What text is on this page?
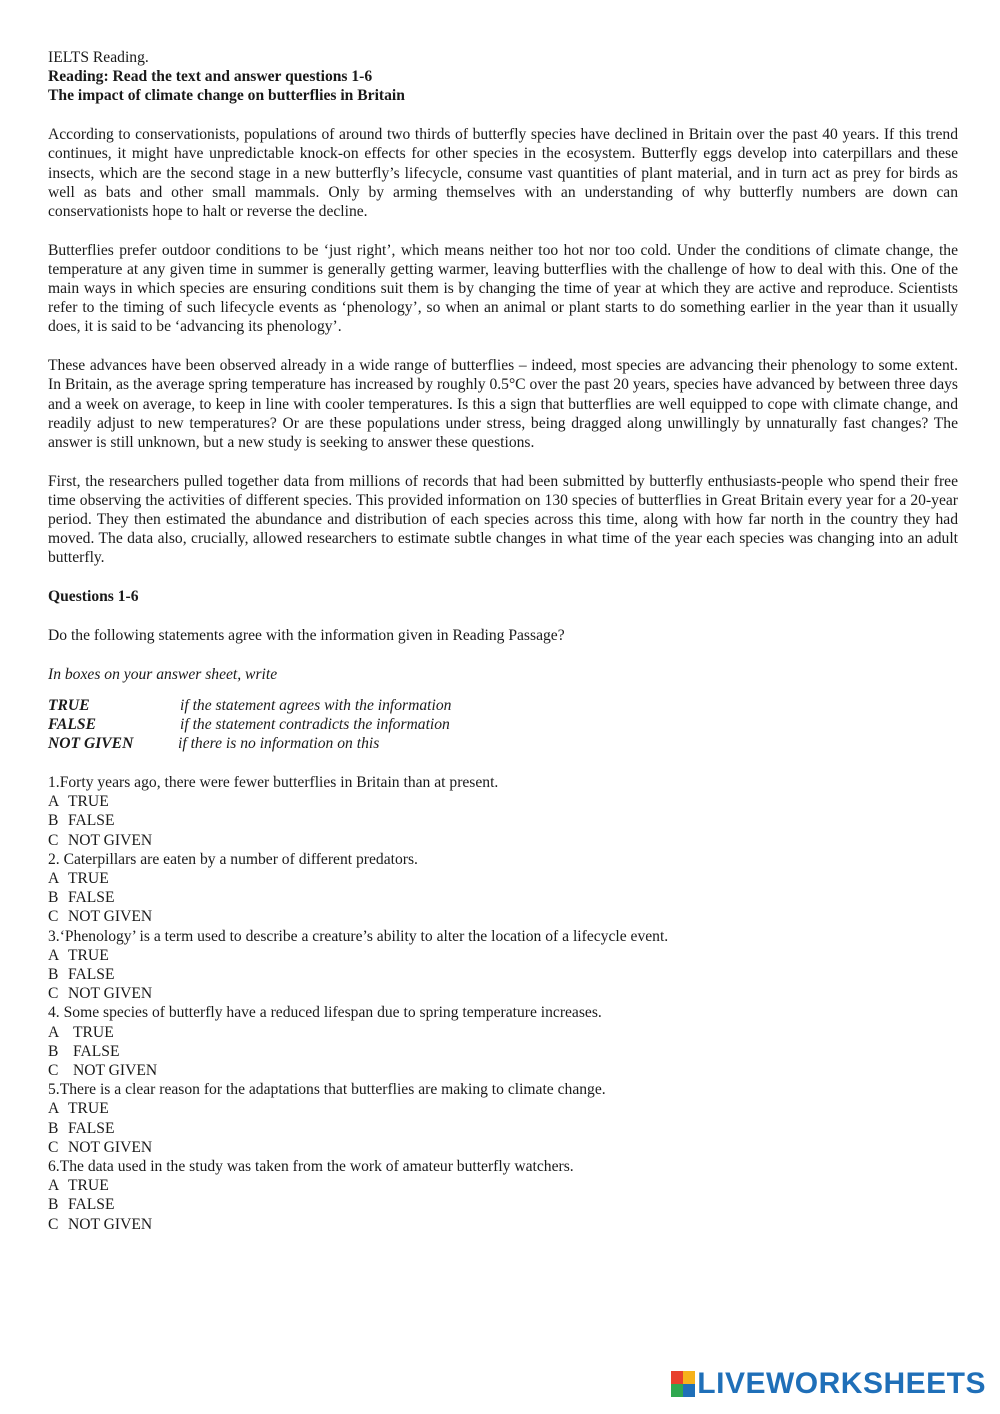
IELTS Reading.

Reading: Read the text and answer questions 1-6

The impact of climate change on butterflies in Britain

According to conservationists, populations of around two thirds of butterfly species have declined in Britain over the past 40 years. If this trend continues, it might have unpredictable knock-on effects for other species in the ecosystem. Butterfly eggs develop into caterpillars and these insects, which are the second stage in a new butterfly’s lifecycle, consume vast quantities of plant material, and in turn act as prey for birds as well as bats and other small mammals. Only by arming themselves with an understanding of why butterfly numbers are down can conservationists hope to halt or reverse the decline.

Butterflies prefer outdoor conditions to be ‘just right’, which means neither too hot nor too cold. Under the conditions of climate change, the temperature at any given time in summer is generally getting warmer, leaving butterflies with the challenge of how to deal with this. One of the main ways in which species are ensuring conditions suit them is by changing the time of year at which they are active and reproduce. Scientists refer to the timing of such lifecycle events as ‘phenology’, so when an animal or plant starts to do something earlier in the year than it usually does, it is said to be ‘advancing its phenology’.

These advances have been observed already in a wide range of butterflies – indeed, most species are advancing their phenology to some extent. In Britain, as the average spring temperature has increased by roughly 0.5°C over the past 20 years, species have advanced by between three days and a week on average, to keep in line with cooler temperatures. Is this a sign that butterflies are well equipped to cope with climate change, and readily adjust to new temperatures? Or are these populations under stress, being dragged along unwillingly by unnaturally fast changes? The answer is still unknown, but a new study is seeking to answer these questions.

First, the researchers pulled together data from millions of records that had been submitted by butterfly enthusiasts-people who spend their free time observing the activities of different species. This provided information on 130 species of butterflies in Great Britain every year for a 20-year period. They then estimated the abundance and distribution of each species across this time, along with how far north in the country they had moved. The data also, crucially, allowed researchers to estimate subtle changes in what time of the year each species was changing into an adult butterfly.

Questions 1-6

Do the following statements agree with the information given in Reading Passage?

In boxes on your answer sheet, write

TRUE	if the statement agrees with the information
FALSE	if the statement contradicts the information
NOT GIVEN	if there is no information on this

1.Forty years ago, there were fewer butterflies in Britain than at present.

A TRUE

B FALSE

C NOT GIVEN

2. Caterpillars are eaten by a number of different predators.

A TRUE

B FALSE

C NOT GIVEN

3.‘Phenology’ is a term used to describe a creature’s ability to alter the location of a lifecycle event.

A TRUE

B FALSE

C NOT GIVEN

4. Some species of butterfly have a reduced lifespan due to spring temperature increases.

A TRUE

B FALSE

C NOT GIVEN

5.There is a clear reason for the adaptations that butterflies are making to climate change.

A TRUE

B FALSE

C NOT GIVEN

6.The data used in the study was taken from the work of amateur butterfly watchers.

A TRUE

B FALSE

C NOT GIVEN

LIVEWORKSHEETS
